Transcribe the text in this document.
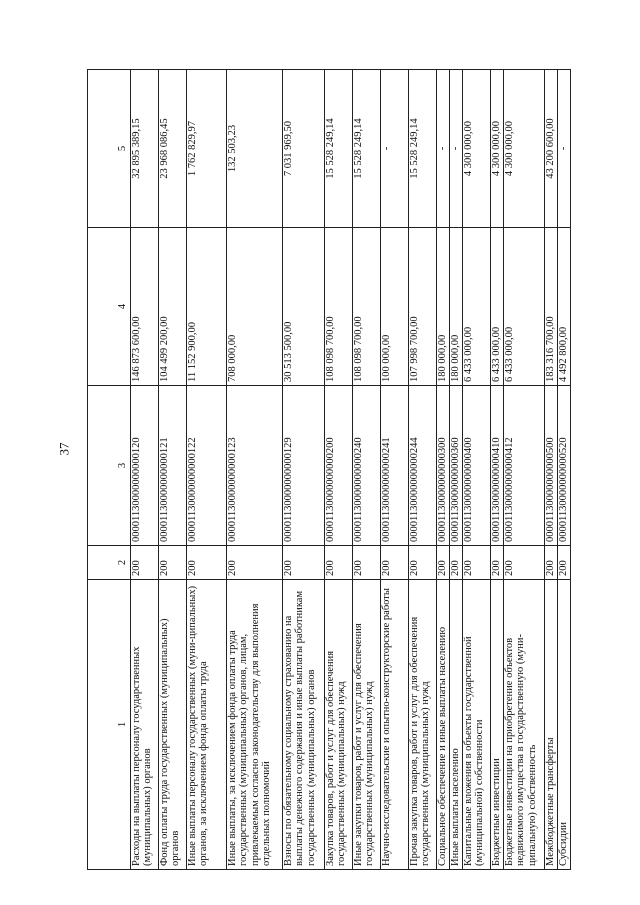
37
1	2	3	4	5
Расходы на выплаты персоналу государственных (муниципальных) органов	200	00001130000000000120	146 873 600,00	32 895 389,15

Фонд оплаты труда государственных (муниципальных) органов	200	00001130000000000121	104 499 200,00	23 968 086,45

Иные выплаты персоналу государственных (муни-ципальных) органов, за исключением фонда оплаты труда	200	00001130000000000122	11 152 900,00	1 762 829,97

Иные выплаты, за исключением фонда оплаты труда государственных (муниципальных) органов, лицам, привлекаемым согласно законодательству для выполнения отдельных полномочий	200	00001130000000000123	708 000,00	132 503,23

Взносы по обязательному социальному страхованию на выплаты денежного содержания и иные выплаты работникам государственных (муниципальных) органов	200	00001130000000000129	30 513 500,00	7 031 969,50

Закупка товаров, работ и услуг для обеспечения государственных (муниципальных) нужд	200	00001130000000000200	108 098 700,00	15 528 249,14

Иные закупки товаров, работ и услуг для обеспечения государственных (муниципальных) нужд	200	00001130000000000240	108 098 700,00	15 528 249,14

Научно-исследовательские и опытно-конструкторские работы	200	00001130000000000241	100 000,00	-

Прочая закупка товаров, работ и услуг для обеспечения государственных (муниципальных) нужд	200	00001130000000000244	107 998 700,00	15 528 249,14

Социальное обеспечение и иные выплаты населению	200	00001130000000000300	180 000,00	-

Иные выплаты населению	200	00001130000000000360	180 000,00	-

Капитальные вложения в объекты государственной (муниципальной) собственности	200	00001130000000000400	6 433 000,00	4 300 000,00

Бюджетные инвестиции	200	00001130000000000410	6 433 000,00	4 300 000,00

Бюджетные инвестиции на приобретение объектов недвижимого имущества в государственную (муни-ципальную) собственность	200	00001130000000000412	6 433 000,00	4 300 000,00

Межбюджетные трансферты	200	00001130000000000500	183 316 700,00	43 200 600,00

Субсидии	200	00001130000000000520	4 492 800,00	-
